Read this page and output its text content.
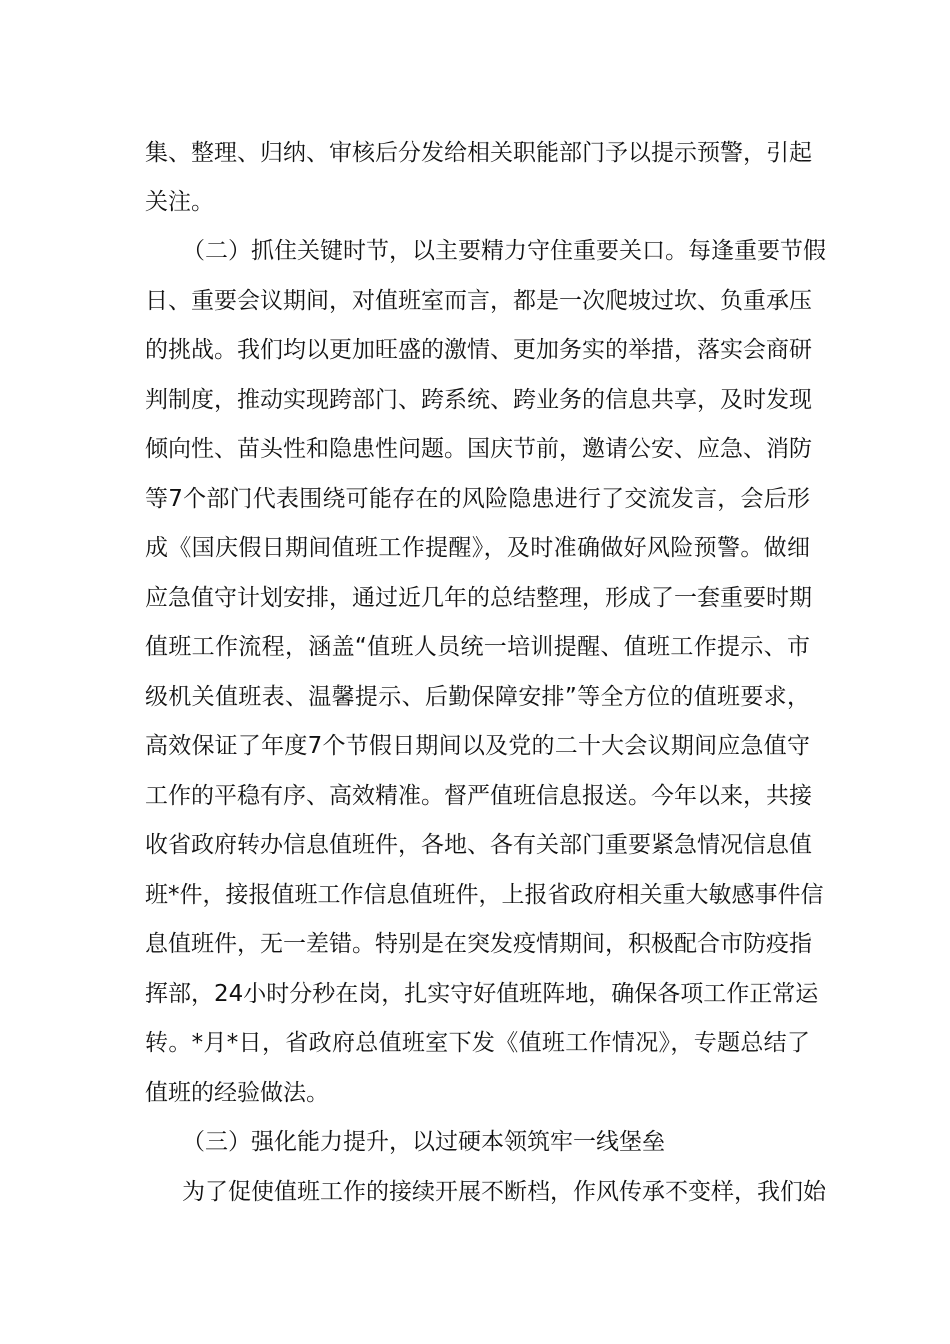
集、整理、归纳、审核后分发给相关职能部门予以提示预警，引起
关注。
（二）抓住关键时节，以主要精力守住重要关口。每逢重要节假
日、重要会议期间，对值班室而言，都是一次爬坡过坎、负重承压
的挑战。我们均以更加旺盛的激情、更加务实的举措，落实会商研
判制度，推动实现跨部门、跨系统、跨业务的信息共享，及时发现
倾向性、苗头性和隐患性问题。国庆节前，邀请公安、应急、消防
等7个部门代表围绕可能存在的风险隐患进行了交流发言，会后形
成《国庆假日期间值班工作提醒》，及时准确做好风险预警。做细
应急值守计划安排，通过近几年的总结整理，形成了一套重要时期
值班工作流程，涵盖“值班人员统一培训提醒、值班工作提示、市
级机关值班表、温馨提示、后勤保障安排”等全方位的值班要求，
高效保证了年度7个节假日期间以及党的二十大会议期间应急值守
工作的平稳有序、高效精准。督严值班信息报送。今年以来，共接
收省政府转办信息值班件，各地、各有关部门重要紧急情况信息值
班*件，接报值班工作信息值班件，上报省政府相关重大敏感事件信
息值班件，无一差错。特别是在突发疫情期间，积极配合市防疫指
挥部，24小时分秒在岗，扎实守好值班阵地，确保各项工作正常运
转。*月*日，省政府总值班室下发《值班工作情况》，专题总结了
值班的经验做法。
（三）强化能力提升，以过硬本领筑牢一线堡垒
为了促使值班工作的接续开展不断档，作风传承不变样，我们始
